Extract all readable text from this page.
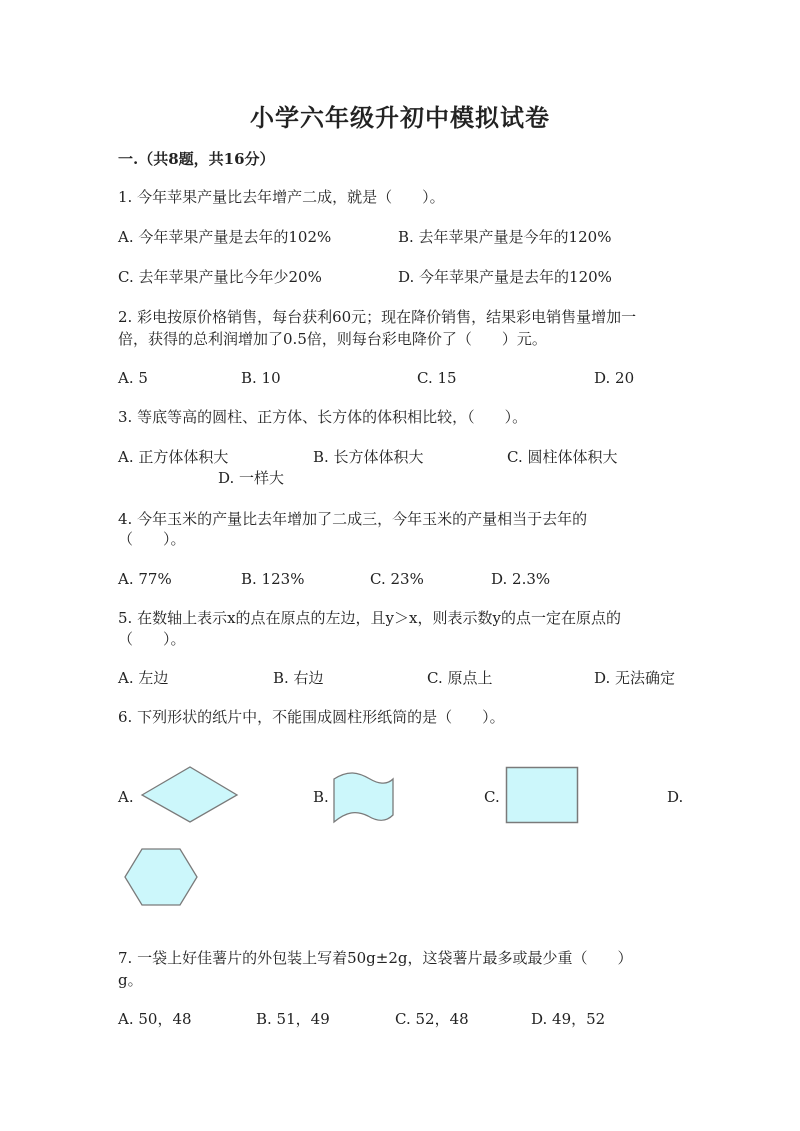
小学六年级升初中模拟试卷
一.（共8题，共16分）
1. 今年苹果产量比去年增产二成，就是（　　）。
A. 今年苹果产量是去年的102%	B. 去年苹果产量是今年的120%
C. 去年苹果产量比今年少20%	D. 今年苹果产量是去年的120%
2. 彩电按原价格销售，每台获利60元；现在降价销售，结果彩电销售量增加一
倍，获得的总利润增加了0.5倍，则每台彩电降价了（　　）元。
A. 5	B. 10	C. 15	D. 20
3. 等底等高的圆柱、正方体、长方体的体积相比较，（　　）。
A. 正方体体积大	B. 长方体体积大	C. 圆柱体体积大
D. 一样大
4. 今年玉米的产量比去年增加了二成三，今年玉米的产量相当于去年的
（　　）。
A. 77%	B. 123%	C. 23%	D. 2.3%
5. 在数轴上表示x的点在原点的左边，且y＞x，则表示数y的点一定在原点的
（　　）。
A. 左边	B. 右边	C. 原点上	D. 无法确定
6. 下列形状的纸片中，不能围成圆柱形纸筒的是（　　）。
A.	B.	C.	D.
7. 一袋上好佳薯片的外包装上写着50g±2g，这袋薯片最多或最少重（　　）
g。
A. 50，48	B. 51，49	C. 52，48	D. 49，52
